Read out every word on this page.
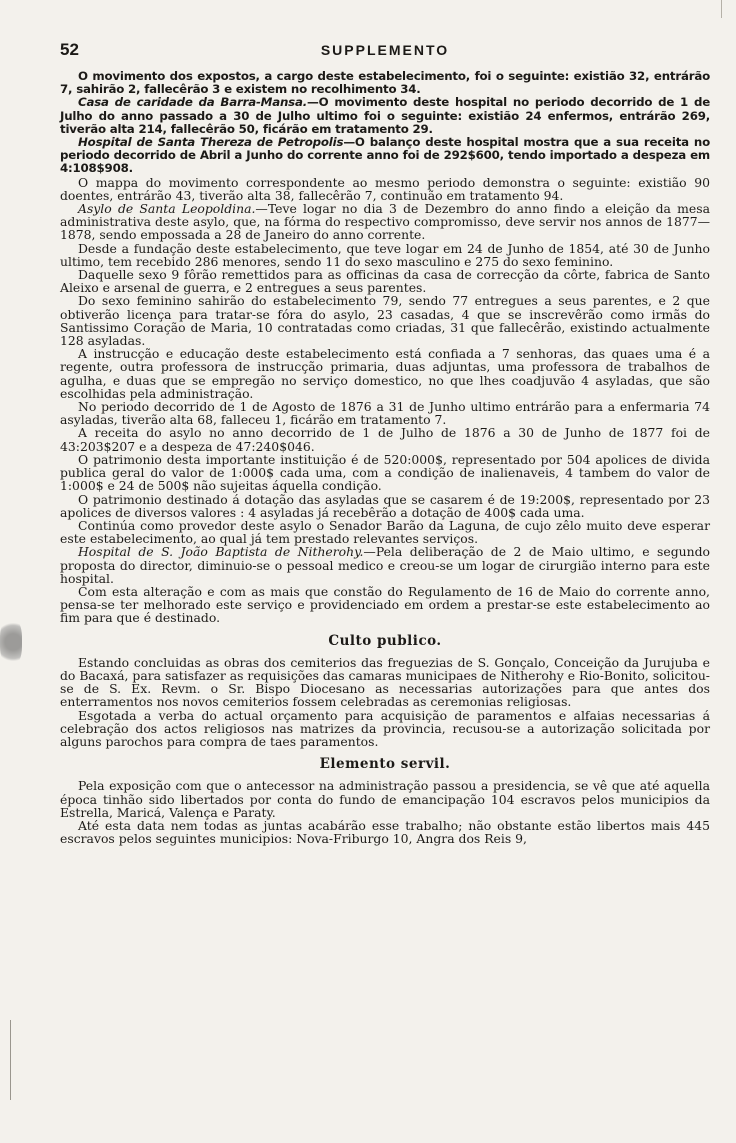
52	SUPPLEMENTO

O movimento dos expostos, a cargo deste estabelecimento, foi o seguinte: existião 32, entrárão 7, sahirão 2, fallecêrão 3 e existem no recolhimento 34.

Casa de caridade da Barra-Mansa.—O movimento deste hospital no periodo decorrido de 1 de Julho do anno passado a 30 de Julho ultimo foi o seguinte: existião 24 enfermos, entrárão 269, tiverão alta 214, fallecêrão 50, ficárão em tratamento 29.

Hospital de Santa Thereza de Petropolis—O balanço deste hospital mostra que a sua receita no periodo decorrido de Abril a Junho do corrente anno foi de 292$600, tendo importado a despeza em 4:108$908.

O mappa do movimento correspondente ao mesmo periodo demonstra o seguinte: existião 90 doentes, entrárão 43, tiverão alta 38, fallecêrão 7, continuão em tratamento 94.

Asylo de Santa Leopoldina.—Teve logar no dia 3 de Dezembro do anno findo a eleição da mesa administrativa deste asylo, que, na fórma do respectivo compromisso, deve servir nos annos de 1877—1878, sendo empossada a 28 de Janeiro do anno corrente.

Desde a fundação deste estabelecimento, que teve logar em 24 de Junho de 1854, até 30 de Junho ultimo, tem recebido 286 menores, sendo 11 do sexo masculino e 275 do sexo feminino.

Daquelle sexo 9 fôrão remettidos para as officinas da casa de correcção da côrte, fabrica de Santo Aleixo e arsenal de guerra, e 2 entregues a seus parentes.

Do sexo feminino sahirão do estabelecimento 79, sendo 77 entregues a seus parentes, e 2 que obtiverão licença para tratar-se fóra do asylo, 23 casadas, 4 que se inscrevêrão como irmãs do Santissimo Coração de Maria, 10 contratadas como criadas, 31 que fallecêrão, existindo actualmente 128 asyladas.

A instrucção e educação deste estabelecimento está confiada a 7 senhoras, das quaes uma é a regente, outra professora de instrucção primaria, duas adjuntas, uma professora de trabalhos de agulha, e duas que se empregão no serviço domestico, no que lhes coadjuvão 4 asyladas, que são escolhidas pela administração.

No periodo decorrido de 1 de Agosto de 1876 a 31 de Junho ultimo entrárão para a enfermaria 74 asyladas, tiverão alta 68, falleceu 1, ficárão em tratamento 7.

A receita do asylo no anno decorrido de 1 de Julho de 1876 a 30 de Junho de 1877 foi de 43:203$207 e a despeza de 47:240$046.

O patrimonio desta importante instituição é de 520:000$, representado por 504 apolices de divida publica geral do valor de 1:000$ cada uma, com a condição de inalienaveis, 4 tambem do valor de 1:000$ e 24 de 500$ não sujeitas áquella condição.

O patrimonio destinado á dotação das asyladas que se casarem é de 19:200$, representado por 23 apolices de diversos valores : 4 asyladas já recebêrão a dotação de 400$ cada uma.

Continúa como provedor deste asylo o Senador Barão da Laguna, de cujo zêlo muito deve esperar este estabelecimento, ao qual já tem prestado relevantes serviços.

Hospital de S. João Baptista de Nitherohy.—Pela deliberação de 2 de Maio ultimo, e segundo proposta do director, diminuio-se o pessoal medico e creou-se um logar de cirurgião interno para este hospital.

Com esta alteração e com as mais que constão do Regulamento de 16 de Maio do corrente anno, pensa-se ter melhorado este serviço e providenciado em ordem a prestar-se este estabelecimento ao fim para que é destinado.

Culto publico.

Estando concluidas as obras dos cemiterios das freguezias de S. Gonçalo, Conceição da Jurujuba e do Bacaxá, para satisfazer as requisições das camaras municipaes de Nitherohy e Rio-Bonito, solicitou-se de S. Ex. Revm. o Sr. Bispo Diocesano as necessarias autorizações para que antes dos enterramentos nos novos cemiterios fossem celebradas as ceremonias religiosas.

Esgotada a verba do actual orçamento para acquisição de paramentos e alfaias necessarias á celebração dos actos religiosos nas matrizes da provincia, recusou-se a autorização solicitada por alguns parochos para compra de taes paramentos.

Elemento servil.

Pela exposição com que o antecessor na administração passou a presidencia, se vê que até aquella época tinhão sido libertados por conta do fundo de emancipação 104 escravos pelos municipios da Estrella, Maricá, Valença e Paraty.

Até esta data nem todas as juntas acabárão esse trabalho; não obstante estão libertos mais 445 escravos pelos seguintes municipios: Nova-Friburgo 10, Angra dos Reis 9,
